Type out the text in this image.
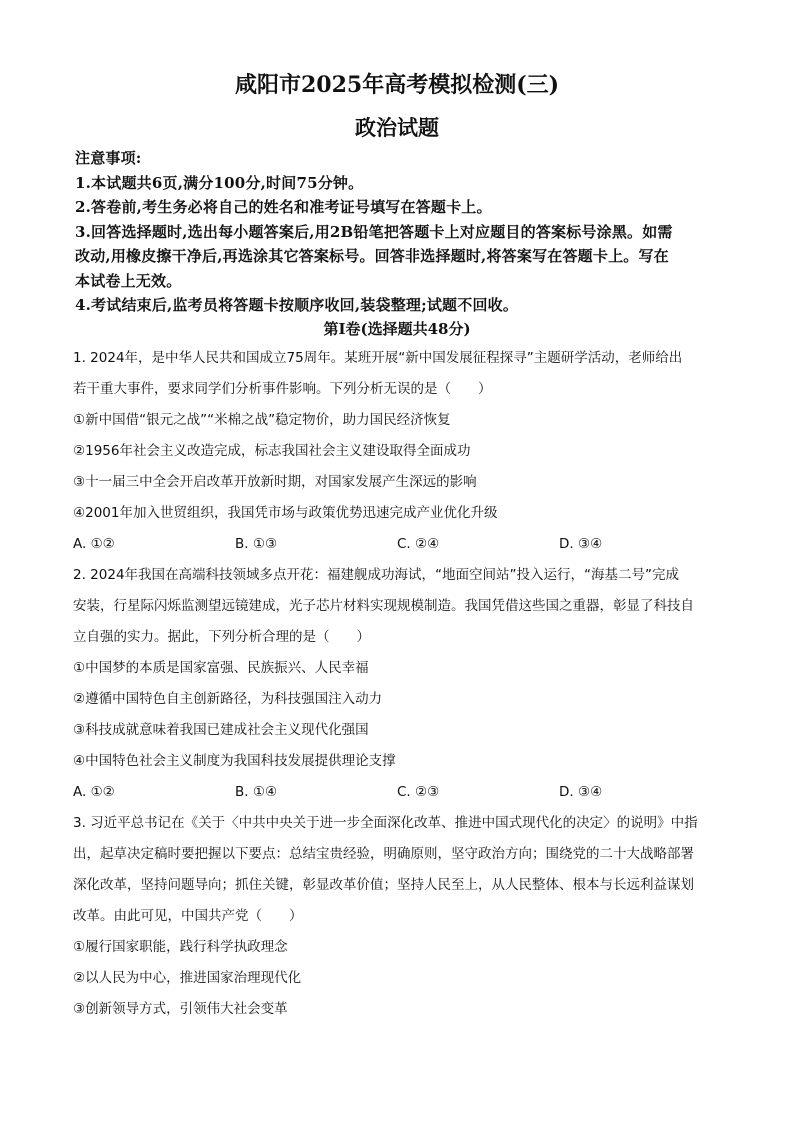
咸阳市2025年高考模拟检测(三)
政治试题
注意事项:
1.本试题共6页,满分100分,时间75分钟。
2.答卷前,考生务必将自己的姓名和准考证号填写在答题卡上。
3.回答选择题时,选出每小题答案后,用2B铅笔把答题卡上对应题目的答案标号涂黑。如需
改动,用橡皮擦干净后,再选涂其它答案标号。回答非选择题时,将答案写在答题卡上。写在
本试卷上无效。
4.考试结束后,监考员将答题卡按顺序收回,装袋整理;试题不回收。
第Ⅰ卷(选择题共48分)
1. 2024年，是中华人民共和国成立75周年。某班开展“新中国发展征程探寻”主题研学活动，老师给出
若干重大事件，要求同学们分析事件影响。下列分析无误的是（　　）
①新中国借“银元之战”“米棉之战”稳定物价，助力国民经济恢复
②1956年社会主义改造完成，标志我国社会主义建设取得全面成功
③十一届三中全会开启改革开放新时期，对国家发展产生深远的影响
④2001年加入世贸组织，我国凭市场与政策优势迅速完成产业优化升级
A. ①②	B. ①③	C. ②④	D. ③④
2. 2024年我国在高端科技领域多点开花：福建舰成功海试，“地面空间站”投入运行，“海基二号”完成
安装，行星际闪烁监测望远镜建成，光子芯片材料实现规模制造。我国凭借这些国之重器，彰显了科技自
立自强的实力。据此，下列分析合理的是（　　）
①中国梦的本质是国家富强、民族振兴、人民幸福
②遵循中国特色自主创新路径，为科技强国注入动力
③科技成就意味着我国已建成社会主义现代化强国
④中国特色社会主义制度为我国科技发展提供理论支撑
A. ①②	B. ①④	C. ②③	D. ③④
3. 习近平总书记在《关于〈中共中央关于进一步全面深化改革、推进中国式现代化的决定〉的说明》中指
出，起草决定稿时要把握以下要点：总结宝贵经验，明确原则，坚守政治方向；围绕党的二十大战略部署
深化改革，坚持问题导向；抓住关键，彰显改革价值；坚持人民至上，从人民整体、根本与长远利益谋划
改革。由此可见，中国共产党（　　）
①履行国家职能，践行科学执政理念
②以人民为中心，推进国家治理现代化
③创新领导方式，引领伟大社会变革
